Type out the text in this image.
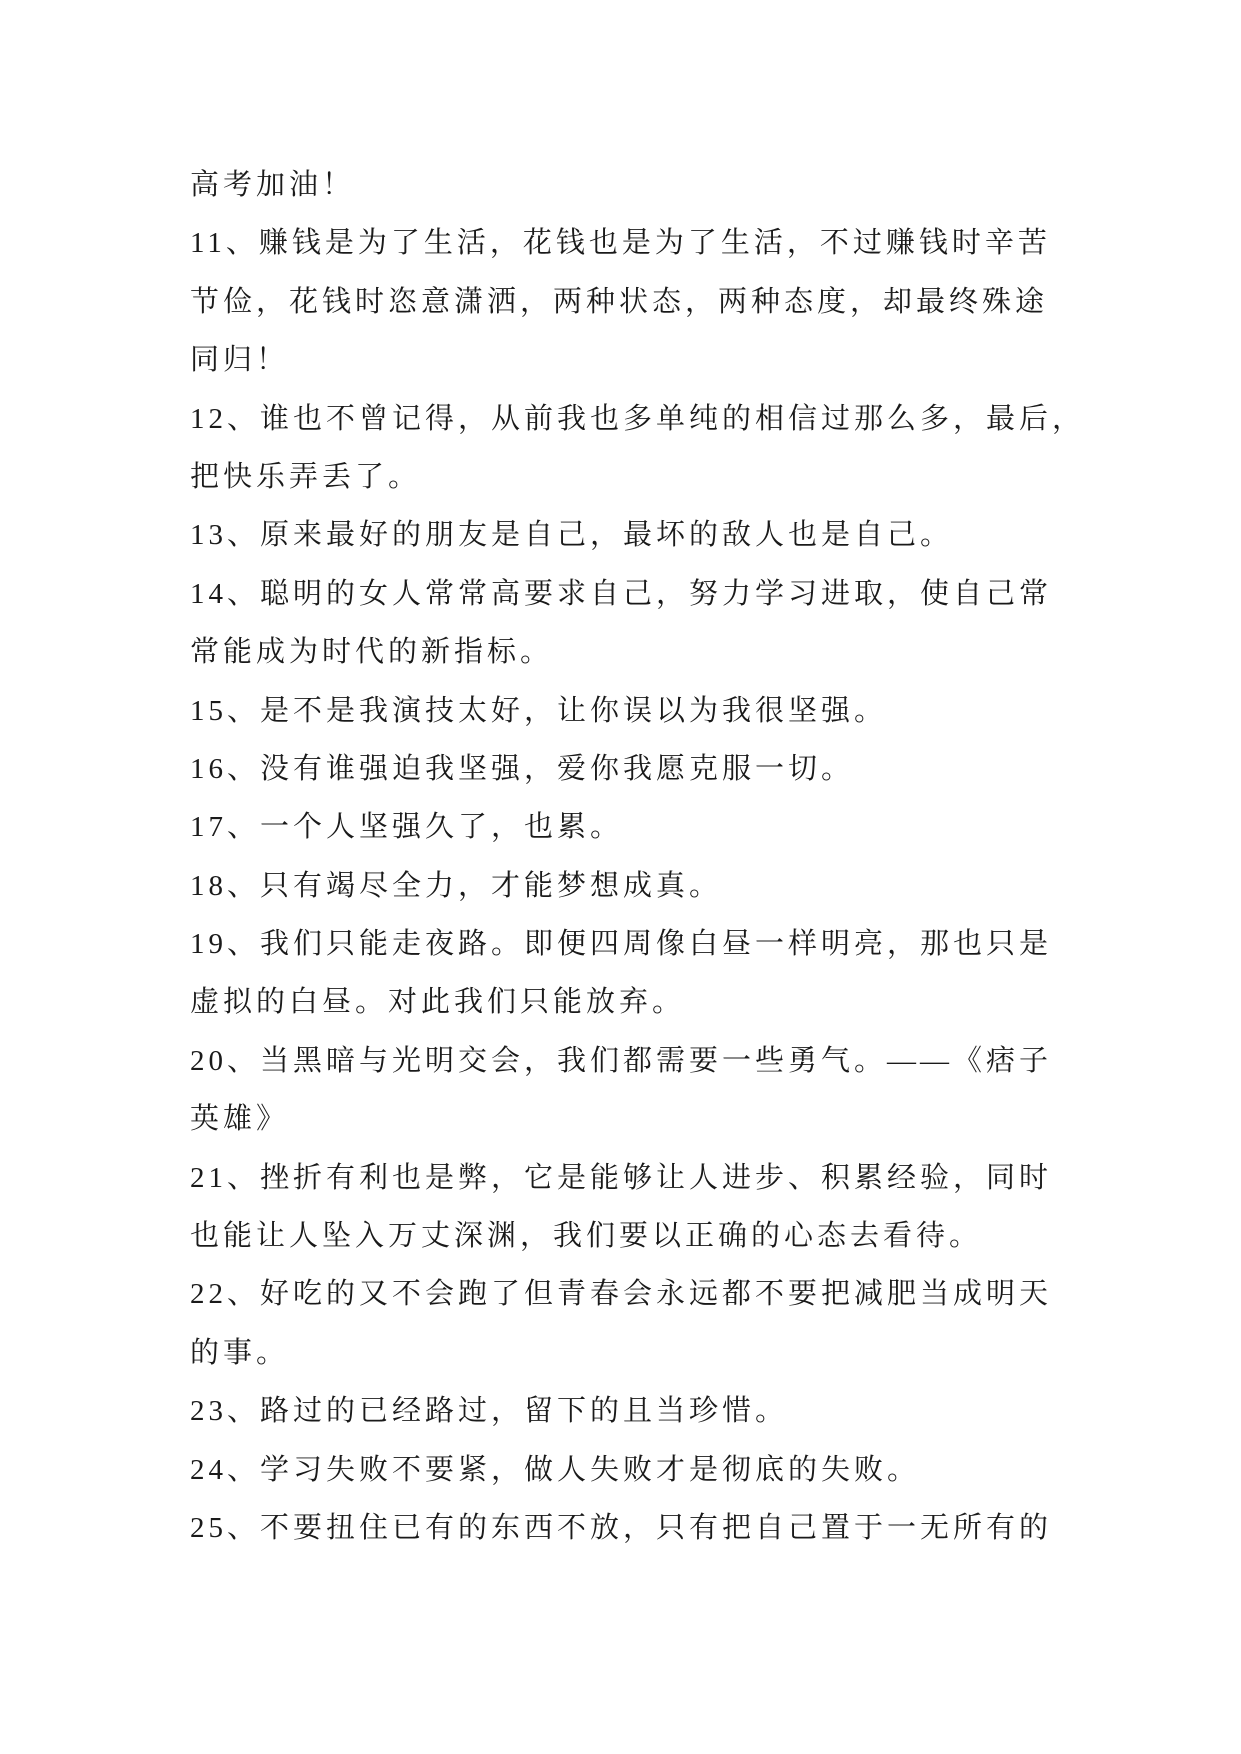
高考加油！
11、赚钱是为了生活，花钱也是为了生活，不过赚钱时辛苦
节俭，花钱时恣意潇洒，两种状态，两种态度，却最终殊途
同归！
12、谁也不曾记得，从前我也多单纯的相信过那么多，最后，
把快乐弄丢了。
13、原来最好的朋友是自己，最坏的敌人也是自己。
14、聪明的女人常常高要求自己，努力学习进取，使自己常
常能成为时代的新指标。
15、是不是我演技太好，让你误以为我很坚强。
16、没有谁强迫我坚强，爱你我愿克服一切。
17、一个人坚强久了，也累。
18、只有竭尽全力，才能梦想成真。
19、我们只能走夜路。即便四周像白昼一样明亮，那也只是
虚拟的白昼。对此我们只能放弃。
20、当黑暗与光明交会，我们都需要一些勇气。——《痞子
英雄》
21、挫折有利也是弊，它是能够让人进步、积累经验，同时
也能让人坠入万丈深渊，我们要以正确的心态去看待。
22、好吃的又不会跑了但青春会永远都不要把减肥当成明天
的事。
23、路过的已经路过，留下的且当珍惜。
24、学习失败不要紧，做人失败才是彻底的失败。
25、不要扭住已有的东西不放，只有把自己置于一无所有的
